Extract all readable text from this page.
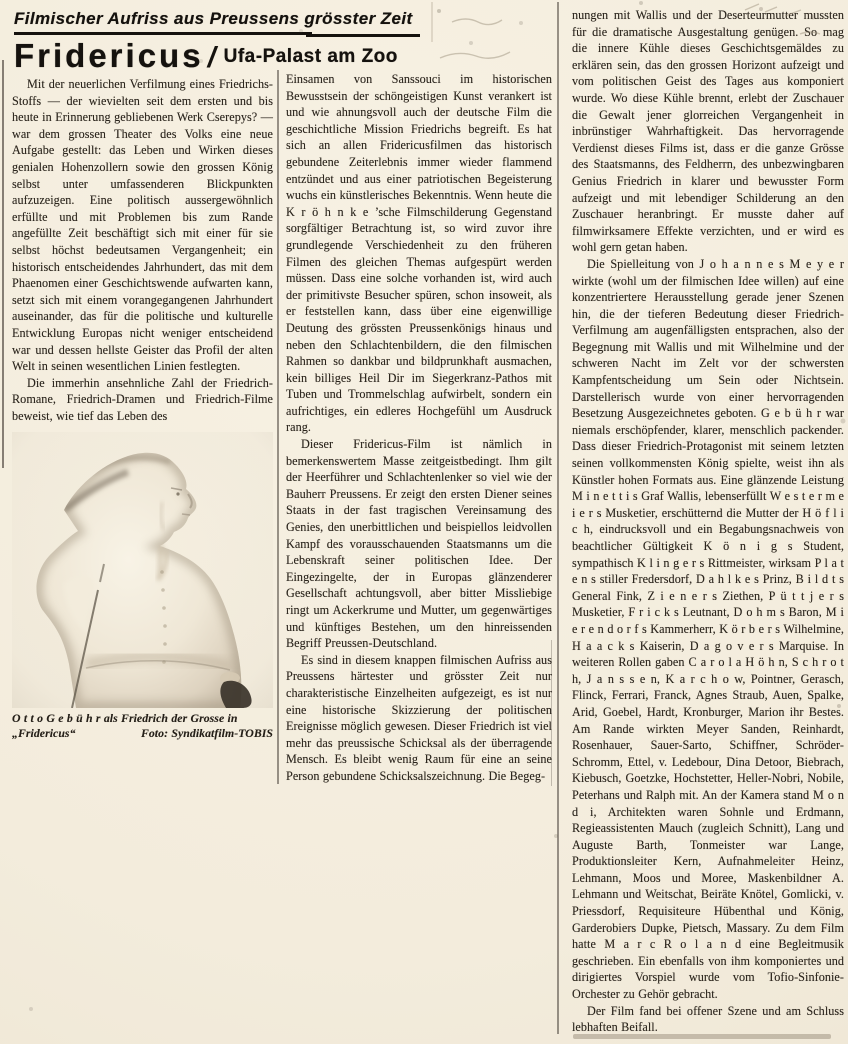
Filmischer Aufriss aus Preussens grösster Zeit
Fridericus / Ufa-Palast am Zoo

Mit der neuerlichen Verfilmung eines Friedrichs-Stoffs — der wievielten seit dem ersten und bis heute in Erinnerung gebliebenen Werk Cserepys? — war dem grossen Theater des Volks eine neue Aufgabe gestellt: das Leben und Wirken dieses genialen Hohenzollern sowie den grossen König selbst unter umfassenderen Blickpunkten aufzuzeigen. Eine politisch aussergewöhnlich erfüllte und mit Problemen bis zum Rande angefüllte Zeit beschäftigt sich mit einer für sie selbst höchst bedeutsamen Vergangenheit; ein historisch entscheidendes Jahrhundert, das mit dem Phaenomen einer Geschichtswende aufwarten kann, setzt sich mit einem vorangegangenen Jahrhundert auseinander, das für die politische und kulturelle Entwicklung Europas nicht weniger entscheidend war und dessen hellste Geister das Profil der alten Welt in seinen wesentlichen Linien festlegten.

Die immerhin ansehnliche Zahl der Friedrich-Romane, Friedrich-Dramen und Friedrich-Filme beweist, wie tief das Leben des

O t t o G e b ü h r als Friedrich der Grosse in
„Fridericus“	Foto: Syndikatfilm-TOBIS

Einsamen von Sanssouci im historischen Bewusstsein der schöngeistigen Kunst verankert ist und wie ahnungsvoll auch der deutsche Film die geschichtliche Mission Friedrichs begreift. Es hat sich an allen Fridericusfilmen das historisch gebundene Zeiterlebnis immer wieder flammend entzündet und aus einer patriotischen Begeisterung wuchs ein künstlerisches Bekenntnis. Wenn heute die K r ö h n k e ’sche Filmschilderung Gegenstand sorgfältiger Betrachtung ist, so wird zuvor ihre grundlegende Verschiedenheit zu den früheren Filmen des gleichen Themas aufgespürt werden müssen. Dass eine solche vorhanden ist, wird auch der primitivste Besucher spüren, schon insoweit, als er feststellen kann, dass über eine eigenwillige Deutung des grössten Preussenkönigs hinaus und neben den Schlachtenbildern, die den filmischen Rahmen so dankbar und bildprunkhaft ausmachen, kein billiges Heil Dir im Siegerkranz-Pathos mit Tuben und Trommelschlag aufwirbelt, sondern ein aufrichtiges, ein edleres Hochgefühl um Ausdruck rang.

Dieser Fridericus-Film ist nämlich in bemerkenswertem Masse zeitgeistbedingt. Ihm gilt der Heerführer und Schlachtenlenker so viel wie der Bauherr Preussens. Er zeigt den ersten Diener seines Staats in der fast tragischen Vereinsamung des Genies, den unerbittlichen und beispiellos leidvollen Kampf des vorausschauenden Staatsmanns um die Lebenskraft seiner politischen Idee. Der Eingezingelte, der in Europas glänzenderer Gesellschaft achtungsvoll, aber bitter Missliebige ringt um Ackerkrume und Mutter, um gegenwärtiges und künftiges Bestehen, um den hinreissenden Begriff Preussen-Deutschland.

Es sind in diesem knappen filmischen Aufriss aus Preussens härtester und grösster Zeit nur charakteristische Einzelheiten aufgezeigt, es ist nur eine historische Skizzierung der politischen Ereignisse möglich gewesen. Dieser Friedrich ist viel mehr das preussische Schicksal als der überragende Mensch. Es bleibt wenig Raum für eine an seine Person gebundene Schicksalszeichnung. Die Begeg-

nungen mit Wallis und der Deserteurmutter mussten für die dramatische Ausgestaltung genügen. So mag die innere Kühle dieses Geschichtsgemäldes zu erklären sein, das den grossen Horizont aufzeigt und vom politischen Geist des Tages aus komponiert wurde. Wo diese Kühle brennt, erlebt der Zuschauer die Gewalt jener glorreichen Vergangenheit in inbrünstiger Wahrhaftigkeit. Das hervorragende Verdienst dieses Films ist, dass er die ganze Grösse des Staatsmanns, des Feldherrn, des unbezwingbaren Genius Friedrich in klarer und bewusster Form aufzeigt und mit lebendiger Schilderung an den Zuschauer heranbringt. Er musste daher auf filmwirksamere Effekte verzichten, und er wird es wohl gern getan haben.

Die Spielleitung von J o h a n n e s M e y e r wirkte (wohl um der filmischen Idee willen) auf eine konzentriertere Herausstellung gerade jener Szenen hin, die der tieferen Bedeutung dieser Friedrich-Verfilmung am augenfälligsten entsprachen, also der Begegnung mit Wallis und mit Wilhelmine und der schweren Nacht im Zelt vor der schwersten Kampfentscheidung um Sein oder Nichtsein. Darstellerisch wurde von einer hervorragenden Besetzung Ausgezeichnetes geboten. G e b ü h r war niemals erschöpfender, klarer, menschlich packender. Dass dieser Friedrich-Protagonist mit seinem letzten seinen vollkommensten König spielte, weist ihn als Künstler hohen Formats aus. Eine glänzende Leistung M i n e t t i s Graf Wallis, lebenserfüllt W e s t e r m e i e r s Musketier, erschütternd die Mutter der H ö f l i c h, eindrucksvoll und ein Begabungsnachweis von beachtlicher Gültigkeit K ö n i g s Student, sympathisch K l i n g e r s Rittmeister, wirksam P l a t e n s stiller Fredersdorf, D a h l k e s Prinz, B i l d t s General Fink, Z i e n e r s Ziethen, P ü t t j e r s Musketier, F r i c k s Leutnant, D o h m s Baron, M i e r e n d o r f s Kammerherr, K ö r b e r s Wilhelmine, H a a c k s Kaiserin, D a g o v e r s Marquise. In weiteren Rollen gaben C a r o l a H ö h n, S c h r o t h, J a n s s e n, K a r c h o w, Pointner, Gerasch, Flinck, Ferrari, Franck, Agnes Straub, Auen, Spalke, Arid, Goebel, Hardt, Kronburger, Marion ihr Bestes. Am Rande wirkten Meyer Sanden, Reinhardt, Rosenhauer, Sauer-Sarto, Schiffner, Schröder-Schromm, Ettel, v. Ledebour, Dina Detoor, Biebrach, Kiebusch, Goetzke, Hochstetter, Heller-Nobri, Nobile, Peterhans und Ralph mit. An der Kamera stand M o n d i, Architekten waren Sohnle und Erdmann, Regieassistenten Mauch (zugleich Schnitt), Lang und Auguste Barth, Tonmeister war Lange, Produktionsleiter Kern, Aufnahmeleiter Heinz, Lehmann, Moos und Moree, Maskenbildner A. Lehmann und Weitschat, Beiräte Knötel, Gomlicki, v. Priessdorf, Requisiteure Hübenthal und König, Garderobiers Dupke, Pietsch, Massary. Zu dem Film hatte M a r c R o l a n d eine Begleitmusik geschrieben. Ein ebenfalls von ihm komponiertes und dirigiertes Vorspiel wurde vom Tofio-Sinfonie-Orchester zu Gehör gebracht.

Der Film fand bei offener Szene und am Schluss lebhaften Beifall.
